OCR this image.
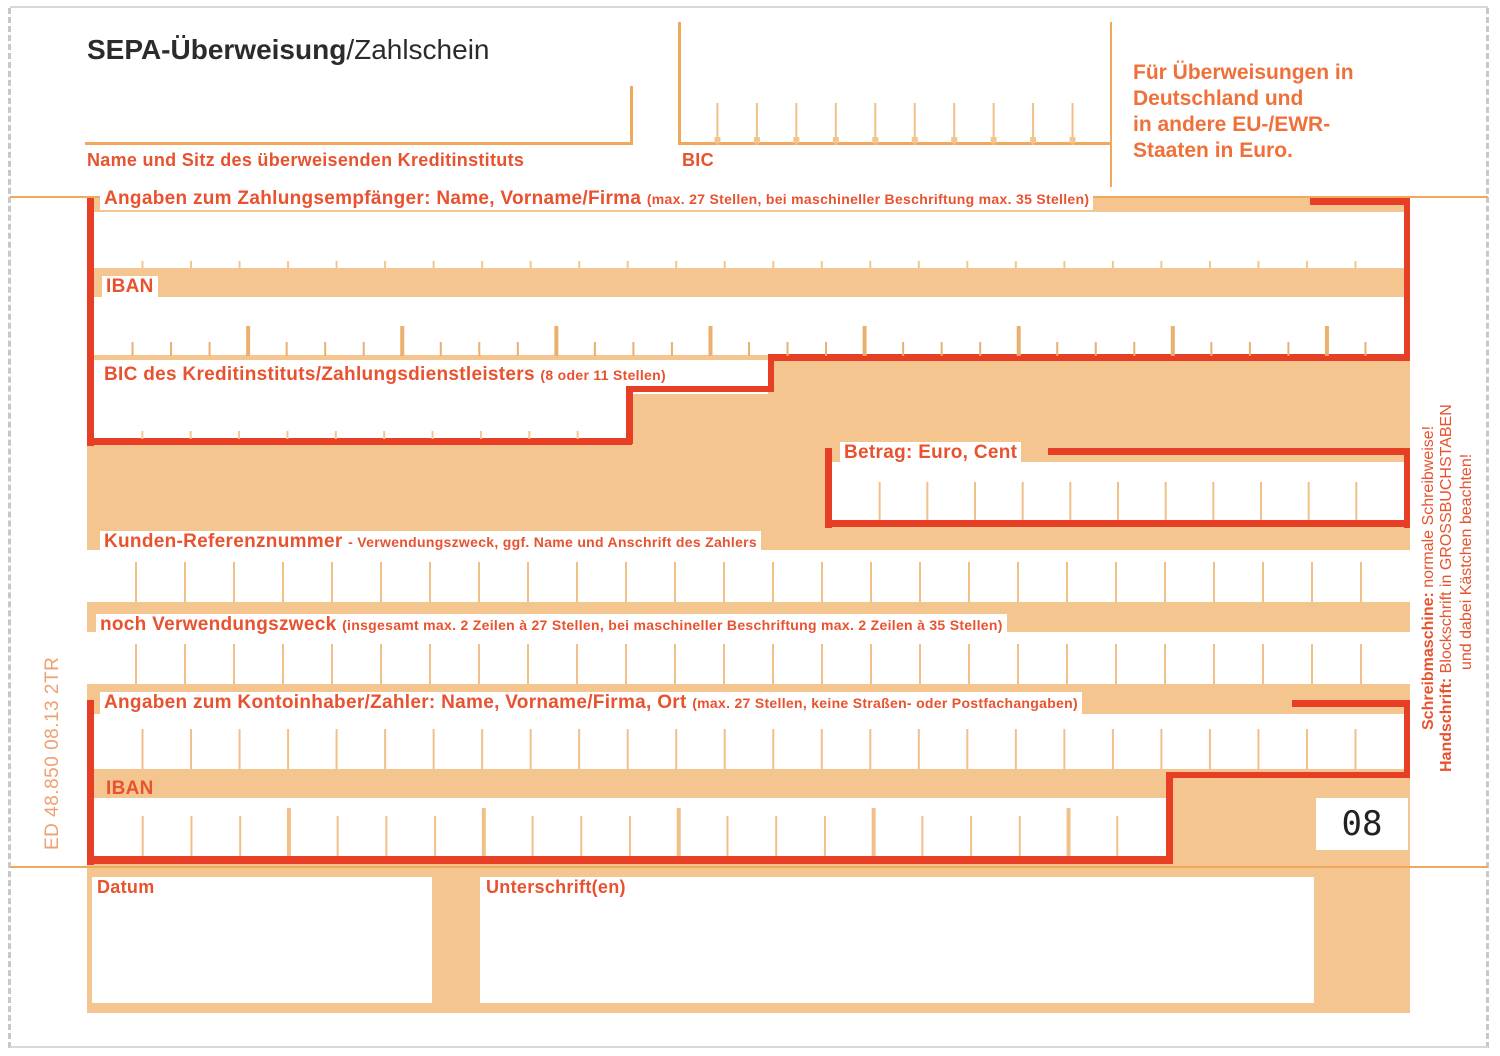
SEPA-Überweisung/Zahlschein
Name und Sitz des überweisenden Kreditinstituts	BIC
Für Überweisungen in
Deutschland und
in andere EU-/EWR-
Staaten in Euro.
Angaben zum Zahlungsempfänger: Name, Vorname/Firma (max. 27 Stellen, bei maschineller Beschriftung max. 35 Stellen)
IBAN
BIC des Kreditinstituts/Zahlungsdienstleisters (8 oder 11 Stellen)
Betrag: Euro, Cent
Kunden-Referenznummer - Verwendungszweck, ggf. Name und Anschrift des Zahlers
noch Verwendungszweck (insgesamt max. 2 Zeilen à 27 Stellen, bei maschineller Beschriftung max. 2 Zeilen à 35 Stellen)
Angaben zum Kontoinhaber/Zahler: Name, Vorname/Firma, Ort (max. 27 Stellen, keine Straßen- oder Postfachangaben)
IBAN
08
Datum	Unterschrift(en)
ED 48.850 08.13 2TR	Schreibmaschine: normale Schreibweise!
Handschrift: Blockschrift in GROSSBUCHSTABEN und dabei Kästchen beachten!
